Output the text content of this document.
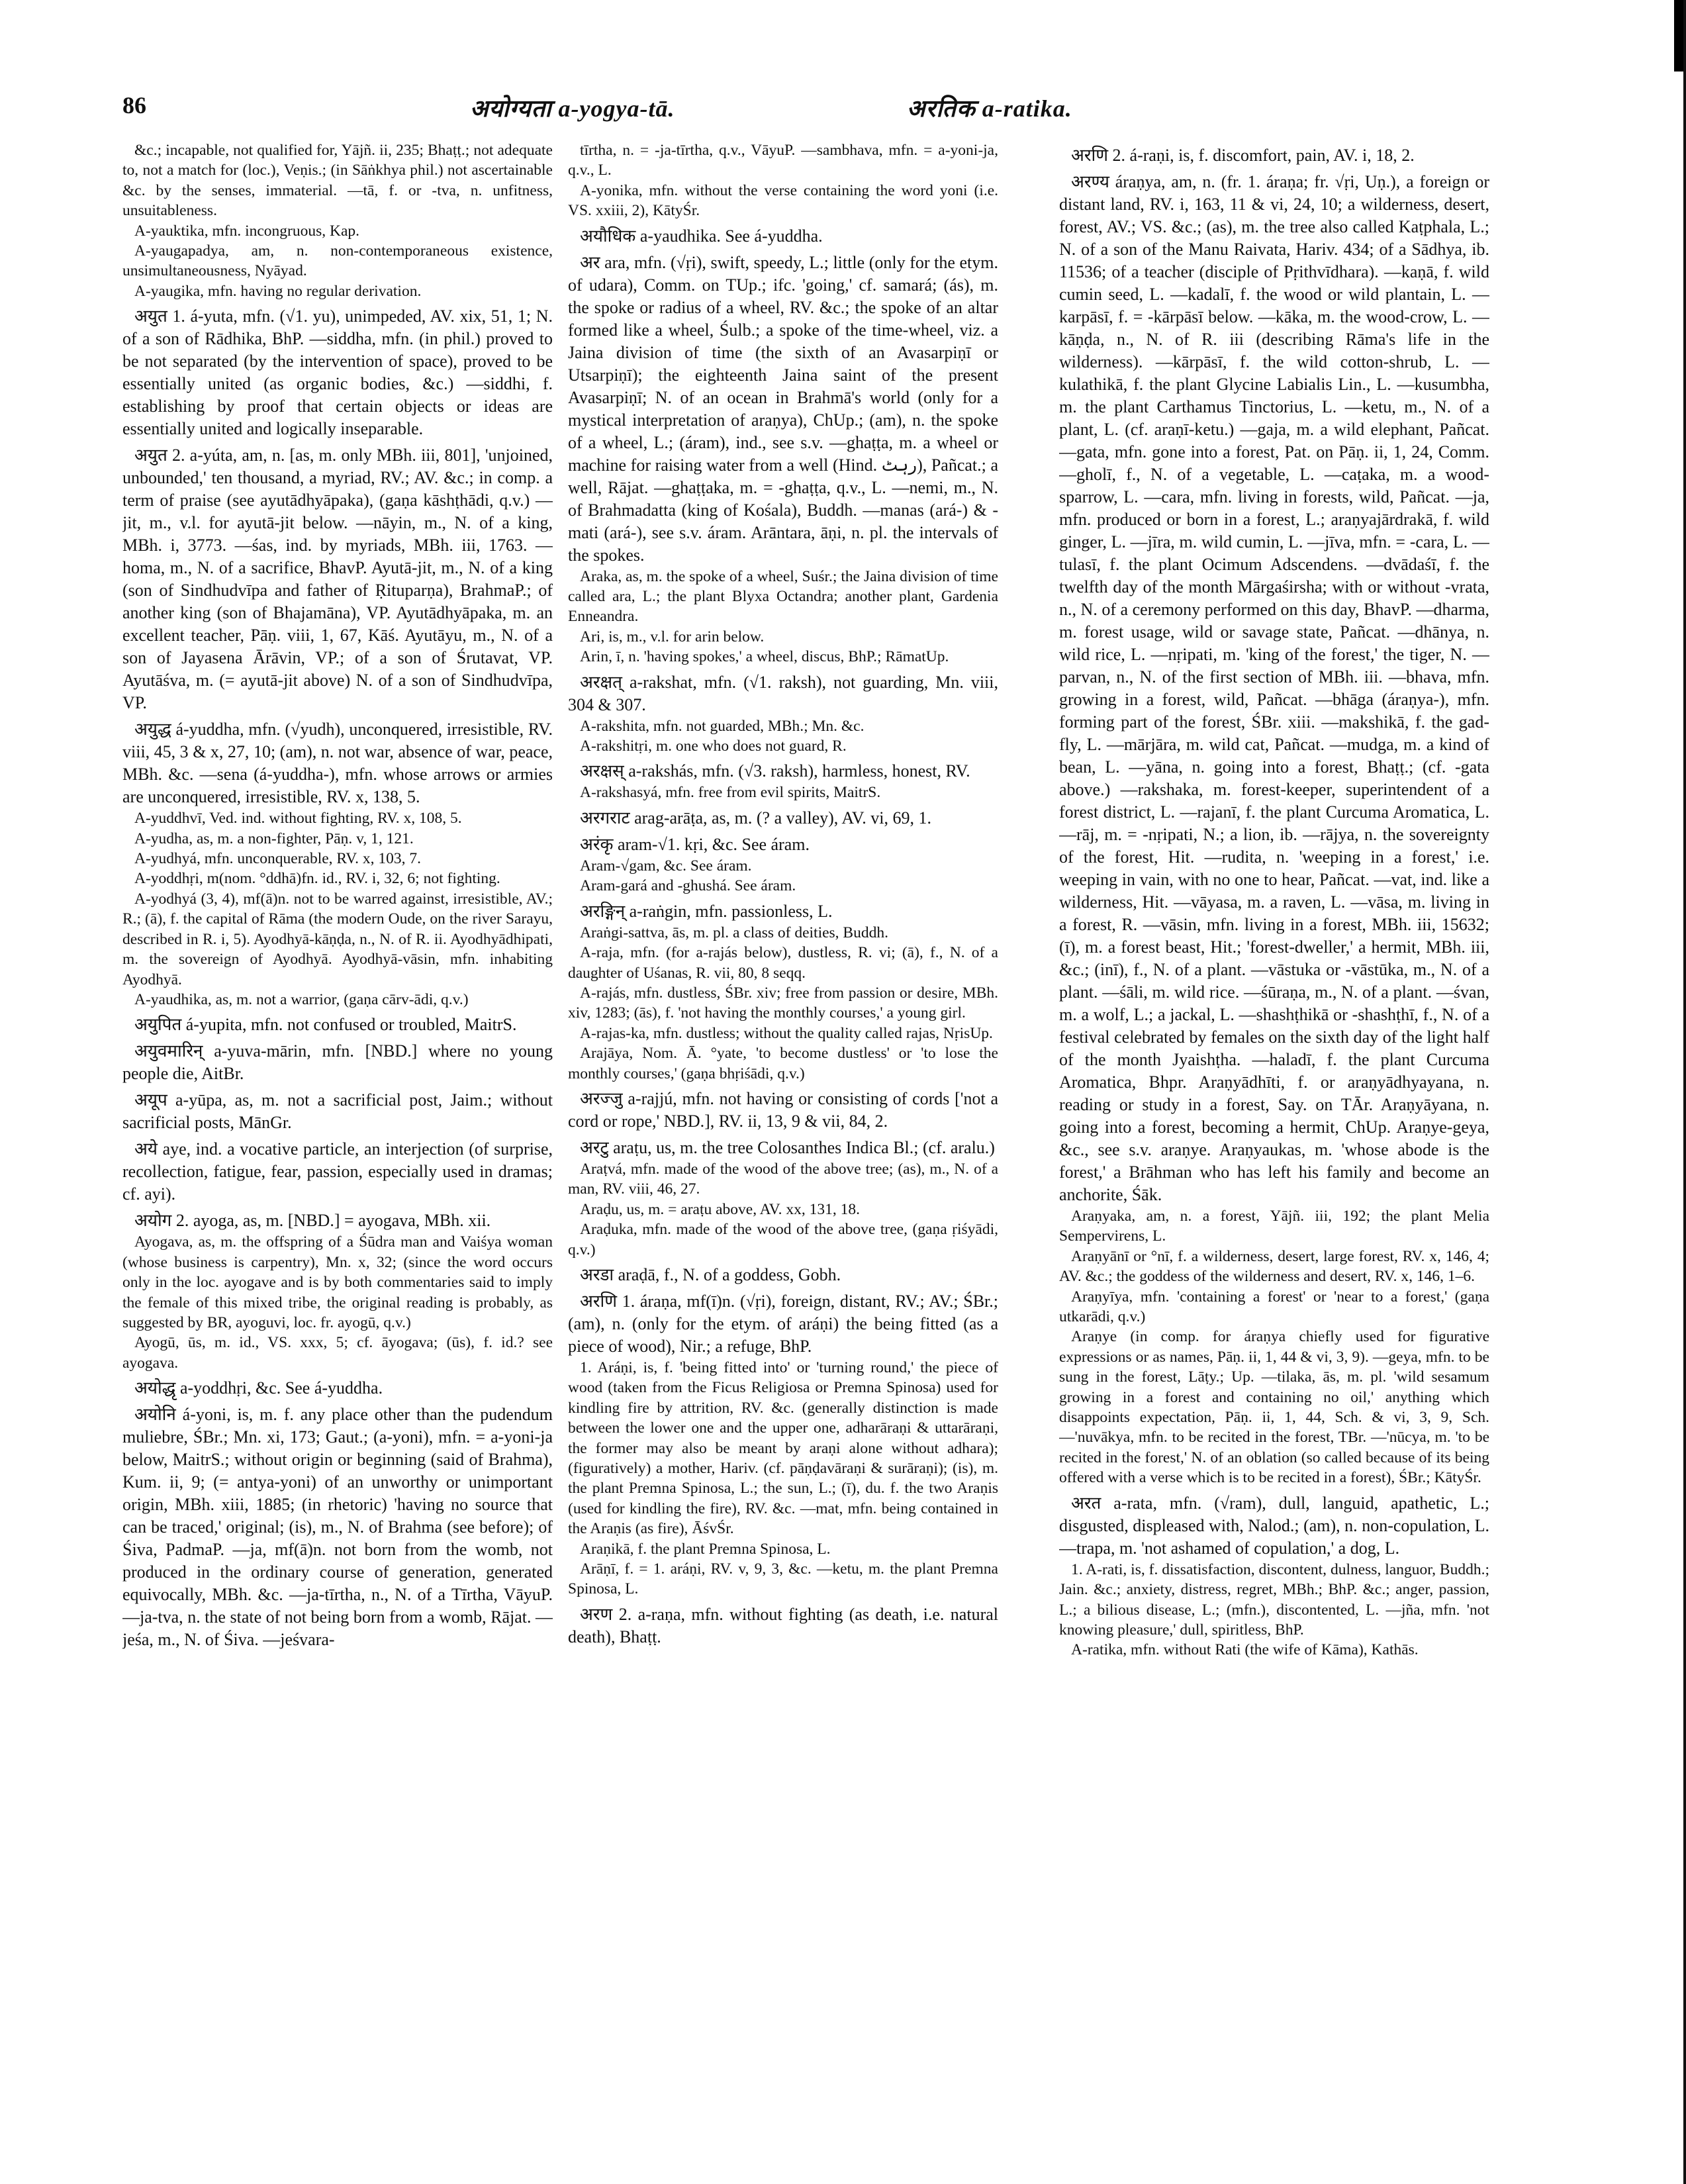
86	अयोग्यता a-yogya-tā.	अरतिक a-ratika.

&c.; incapable, not qualified for, Yājñ. ii, 235; Bhaṭṭ.; not adequate to, not a match for (loc.), Veṇis.; (in Sāṅkhya phil.) not ascertainable &c. by the senses, immaterial. —tā, f. or -tva, n. unfitness, unsuitableness.

A-yauktika, mfn. incongruous, Kap.

A-yaugapadya, am, n. non-contemporaneous existence, unsimultaneousness, Nyāyad.

A-yaugika, mfn. having no regular derivation.

अयुत 1. á-yuta, mfn. (√1. yu), unimpeded, AV. xix, 51, 1; N. of a son of Rādhika, BhP. —siddha, mfn. (in phil.) proved to be not separated (by the intervention of space), proved to be essentially united (as organic bodies, &c.) —siddhi, f. establishing by proof that certain objects or ideas are essentially united and logically inseparable.

अयुत 2. a-yúta, am, n. [as, m. only MBh. iii, 801], 'unjoined, unbounded,' ten thousand, a myriad, RV.; AV. &c.; in comp. a term of praise (see ayutādhyāpaka), (gaṇa kāshṭhādi, q.v.) —jit, m., v.l. for ayutā-jit below. —nāyin, m., N. of a king, MBh. i, 3773. —śas, ind. by myriads, MBh. iii, 1763. —homa, m., N. of a sacrifice, BhavP. Ayutā-jit, m., N. of a king (son of Sindhudvīpa and father of Ṛituparṇa), BrahmaP.; of another king (son of Bhajamāna), VP. Ayutādhyāpaka, m. an excellent teacher, Pāṇ. viii, 1, 67, Kāś. Ayutāyu, m., N. of a son of Jayasena Ārāvin, VP.; of a son of Śrutavat, VP. Ayutāśva, m. (= ayutā-jit above) N. of a son of Sindhudvīpa, VP.

अयुद्ध á-yuddha, mfn. (√yudh), unconquered, irresistible, RV. viii, 45, 3 & x, 27, 10; (am), n. not war, absence of war, peace, MBh. &c. —sena (á-yuddha-), mfn. whose arrows or armies are unconquered, irresistible, RV. x, 138, 5.

A-yuddhvī, Ved. ind. without fighting, RV. x, 108, 5.

A-yudha, as, m. a non-fighter, Pāṇ. v, 1, 121.

A-yudhyá, mfn. unconquerable, RV. x, 103, 7.

A-yoddhṛi, m(nom. °ddhā)fn. id., RV. i, 32, 6; not fighting.

A-yodhyá (3, 4), mf(ā)n. not to be warred against, irresistible, AV.; R.; (ā), f. the capital of Rāma (the modern Oude, on the river Sarayu, described in R. i, 5). Ayodhyā-kāṇḍa, n., N. of R. ii. Ayodhyādhipati, m. the sovereign of Ayodhyā. Ayodhyā-vāsin, mfn. inhabiting Ayodhyā.

A-yaudhika, as, m. not a warrior, (gaṇa cārv-ādi, q.v.)

अयुपित á-yupita, mfn. not confused or troubled, MaitrS.

अयुवमारिन् a-yuva-mārin, mfn. [NBD.] where no young people die, AitBr.

अयूप a-yūpa, as, m. not a sacrificial post, Jaim.; without sacrificial posts, MānGr.

अये aye, ind. a vocative particle, an interjection (of surprise, recollection, fatigue, fear, passion, especially used in dramas; cf. ayi).

अयोग 2. ayoga, as, m. [NBD.] = ayogava, MBh. xii.

Ayogava, as, m. the offspring of a Śūdra man and Vaiśya woman (whose business is carpentry), Mn. x, 32; (since the word occurs only in the loc. ayogave and is by both commentaries said to imply the female of this mixed tribe, the original reading is probably, as suggested by BR, ayoguvi, loc. fr. ayogū, q.v.)

Ayogū, ūs, m. id., VS. xxx, 5; cf. āyogava; (ūs), f. id.? see ayogava.

अयोद्धृ a-yoddhṛi, &c. See á-yuddha.

अयोनि á-yoni, is, m. f. any place other than the pudendum muliebre, ŚBr.; Mn. xi, 173; Gaut.; (a-yoni), mfn. = a-yoni-ja below, MaitrS.; without origin or beginning (said of Brahma), Kum. ii, 9; (= antya-yoni) of an unworthy or unimportant origin, MBh. xiii, 1885; (in rhetoric) 'having no source that can be traced,' original; (is), m., N. of Brahma (see before); of Śiva, PadmaP. —ja, mf(ā)n. not born from the womb, not produced in the ordinary course of generation, generated equivocally, MBh. &c. —ja-tīrtha, n., N. of a Tīrtha, VāyuP. —ja-tva, n. the state of not being born from a womb, Rājat. —jeśa, m., N. of Śiva. —jeśvara-

tīrtha, n. = -ja-tīrtha, q.v., VāyuP. —sambhava, mfn. = a-yoni-ja, q.v., L.

A-yonika, mfn. without the verse containing the word yoni (i.e. VS. xxiii, 2), KātyŚr.

अयौधिक a-yaudhika. See á-yuddha.

अर ara, mfn. (√ṛi), swift, speedy, L.; little (only for the etym. of udara), Comm. on TUp.; ifc. 'going,' cf. samará; (ás), m. the spoke or radius of a wheel, RV. &c.; the spoke of an altar formed like a wheel, Śulb.; a spoke of the time-wheel, viz. a Jaina division of time (the sixth of an Avasarpiṇī or Utsarpiṇī); the eighteenth Jaina saint of the present Avasarpiṇī; N. of an ocean in Brahmā's world (only for a mystical interpretation of araṇya), ChUp.; (am), n. the spoke of a wheel, L.; (áram), ind., see s.v. —ghaṭṭa, m. a wheel or machine for raising water from a well (Hind. رہٹ), Pañcat.; a well, Rājat. —ghaṭṭaka, m. = -ghaṭṭa, q.v., L. —nemi, m., N. of Brahmadatta (king of Kośala), Buddh. —manas (ará-) & -mati (ará-), see s.v. áram. Arāntara, āṇi, n. pl. the intervals of the spokes.

Araka, as, m. the spoke of a wheel, Suśr.; the Jaina division of time called ara, L.; the plant Blyxa Octandra; another plant, Gardenia Enneandra.

Ari, is, m., v.l. for arin below.

Arin, ī, n. 'having spokes,' a wheel, discus, BhP.; RāmatUp.

अरक्षत् a-rakshat, mfn. (√1. raksh), not guarding, Mn. viii, 304 & 307.

A-rakshita, mfn. not guarded, MBh.; Mn. &c.

A-rakshitṛi, m. one who does not guard, R.

अरक्षस् a-rakshás, mfn. (√3. raksh), harmless, honest, RV.

A-rakshasyá, mfn. free from evil spirits, MaitrS.

अरगराट arag-arāṭa, as, m. (? a valley), AV. vi, 69, 1.

अरंकृ aram-√1. kṛi, &c. See áram.

Aram-√gam, &c. See áram.

Aram-gará and -ghushá. See áram.

अरङ्गिन् a-raṅgin, mfn. passionless, L.

Araṅgi-sattva, ās, m. pl. a class of deities, Buddh.

A-raja, mfn. (for a-rajás below), dustless, R. vi; (ā), f., N. of a daughter of Uśanas, R. vii, 80, 8 seqq.

A-rajás, mfn. dustless, ŚBr. xiv; free from passion or desire, MBh. xiv, 1283; (ās), f. 'not having the monthly courses,' a young girl.

A-rajas-ka, mfn. dustless; without the quality called rajas, NṛisUp.

Arajāya, Nom. Ā. °yate, 'to become dustless' or 'to lose the monthly courses,' (gaṇa bhṛiśādi, q.v.)

अरज्जु a-rajjú, mfn. not having or consisting of cords ['not a cord or rope,' NBD.], RV. ii, 13, 9 & vii, 84, 2.

अरटु araṭu, us, m. the tree Colosanthes Indica Bl.; (cf. aralu.)

Araṭvá, mfn. made of the wood of the above tree; (as), m., N. of a man, RV. viii, 46, 27.

Araḍu, us, m. = araṭu above, AV. xx, 131, 18.

Araḍuka, mfn. made of the wood of the above tree, (gaṇa ṛiśyādi, q.v.)

अरडा araḍā, f., N. of a goddess, Gobh.

अरणि 1. áraṇa, mf(ī)n. (√ṛi), foreign, distant, RV.; AV.; ŚBr.; (am), n. (only for the etym. of aráṇi) the being fitted (as a piece of wood), Nir.; a refuge, BhP.

1. Aráṇi, is, f. 'being fitted into' or 'turning round,' the piece of wood (taken from the Ficus Religiosa or Premna Spinosa) used for kindling fire by attrition, RV. &c. (generally distinction is made between the lower one and the upper one, adharāraṇi & uttarāraṇi, the former may also be meant by araṇi alone without adhara); (figuratively) a mother, Hariv. (cf. pāṇḍavāraṇi & surāraṇi); (is), m. the plant Premna Spinosa, L.; the sun, L.; (ī), du. f. the two Araṇis (used for kindling the fire), RV. &c. —mat, mfn. being contained in the Araṇis (as fire), ĀśvŚr.

Araṇikā, f. the plant Premna Spinosa, L.

Arāṇī, f. = 1. aráṇi, RV. v, 9, 3, &c. —ketu, m. the plant Premna Spinosa, L.

अरण 2. a-raṇa, mfn. without fighting (as death, i.e. natural death), Bhaṭṭ.

अरणि 2. á-raṇi, is, f. discomfort, pain, AV. i, 18, 2.

अरण्य áraṇya, am, n. (fr. 1. áraṇa; fr. √ṛi, Uṇ.), a foreign or distant land, RV. i, 163, 11 & vi, 24, 10; a wilderness, desert, forest, AV.; VS. &c.; (as), m. the tree also called Kaṭphala, L.; N. of a son of the Manu Raivata, Hariv. 434; of a Sādhya, ib. 11536; of a teacher (disciple of Pṛithvīdhara). —kaṇā, f. wild cumin seed, L. —kadalī, f. the wood or wild plantain, L. —karpāsī, f. = -kārpāsī below. —kāka, m. the wood-crow, L. —kāṇḍa, n., N. of R. iii (describing Rāma's life in the wilderness). —kārpāsī, f. the wild cotton-shrub, L. —kulathikā, f. the plant Glycine Labialis Lin., L. —kusumbha, m. the plant Carthamus Tinctorius, L. —ketu, m., N. of a plant, L. (cf. araṇī-ketu.) —gaja, m. a wild elephant, Pañcat. —gata, mfn. gone into a forest, Pat. on Pāṇ. ii, 1, 24, Comm. —gholī, f., N. of a vegetable, L. —caṭaka, m. a wood-sparrow, L. —cara, mfn. living in forests, wild, Pañcat. —ja, mfn. produced or born in a forest, L.; araṇyajārdrakā, f. wild ginger, L. —jīra, m. wild cumin, L. —jīva, mfn. = -cara, L. —tulasī, f. the plant Ocimum Adscendens. —dvādaśī, f. the twelfth day of the month Mārgaśirsha; with or without -vrata, n., N. of a ceremony performed on this day, BhavP. —dharma, m. forest usage, wild or savage state, Pañcat. —dhānya, n. wild rice, L. —nṛipati, m. 'king of the forest,' the tiger, N. —parvan, n., N. of the first section of MBh. iii. —bhava, mfn. growing in a forest, wild, Pañcat. —bhāga (áraṇya-), mfn. forming part of the forest, ŚBr. xiii. —makshikā, f. the gad-fly, L. —mārjāra, m. wild cat, Pañcat. —mudga, m. a kind of bean, L. —yāna, n. going into a forest, Bhaṭṭ.; (cf. -gata above.) —rakshaka, m. forest-keeper, superintendent of a forest district, L. —rajanī, f. the plant Curcuma Aromatica, L. —rāj, m. = -nṛipati, N.; a lion, ib. —rājya, n. the sovereignty of the forest, Hit. —rudita, n. 'weeping in a forest,' i.e. weeping in vain, with no one to hear, Pañcat. —vat, ind. like a wilderness, Hit. —vāyasa, m. a raven, L. —vāsa, m. living in a forest, R. —vāsin, mfn. living in a forest, MBh. iii, 15632; (ī), m. a forest beast, Hit.; 'forest-dweller,' a hermit, MBh. iii, &c.; (inī), f., N. of a plant. —vāstuka or -vāstūka, m., N. of a plant. —śāli, m. wild rice. —śūraṇa, m., N. of a plant. —śvan, m. a wolf, L.; a jackal, L. —shashṭhikā or -shashṭhī, f., N. of a festival celebrated by females on the sixth day of the light half of the month Jyaishṭha. —haladī, f. the plant Curcuma Aromatica, Bhpr. Araṇyādhīti, f. or araṇyādhyayana, n. reading or study in a forest, Say. on TĀr. Araṇyāyana, n. going into a forest, becoming a hermit, ChUp. Araṇye-geya, &c., see s.v. araṇye. Araṇyaukas, m. 'whose abode is the forest,' a Brāhman who has left his family and become an anchorite, Śāk.

Araṇyaka, am, n. a forest, Yājñ. iii, 192; the plant Melia Sempervirens, L.

Araṇyānī or °nī, f. a wilderness, desert, large forest, RV. x, 146, 4; AV. &c.; the goddess of the wilderness and desert, RV. x, 146, 1–6.

Araṇyīya, mfn. 'containing a forest' or 'near to a forest,' (gaṇa utkarādi, q.v.)

Araṇye (in comp. for áraṇya chiefly used for figurative expressions or as names, Pāṇ. ii, 1, 44 & vi, 3, 9). —geya, mfn. to be sung in the forest, Lāṭy.; Up. —tilaka, ās, m. pl. 'wild sesamum growing in a forest and containing no oil,' anything which disappoints expectation, Pāṇ. ii, 1, 44, Sch. & vi, 3, 9, Sch. —'nuvākya, mfn. to be recited in the forest, TBr. —'nūcya, m. 'to be recited in the forest,' N. of an oblation (so called because of its being offered with a verse which is to be recited in a forest), ŚBr.; KātyŚr.

अरत a-rata, mfn. (√ram), dull, languid, apathetic, L.; disgusted, displeased with, Nalod.; (am), n. non-copulation, L. —trapa, m. 'not ashamed of copulation,' a dog, L.

1. A-rati, is, f. dissatisfaction, discontent, dulness, languor, Buddh.; Jain. &c.; anxiety, distress, regret, MBh.; BhP. &c.; anger, passion, L.; a bilious disease, L.; (mfn.), discontented, L. —jña, mfn. 'not knowing pleasure,' dull, spiritless, BhP.

A-ratika, mfn. without Rati (the wife of Kāma), Kathās.
